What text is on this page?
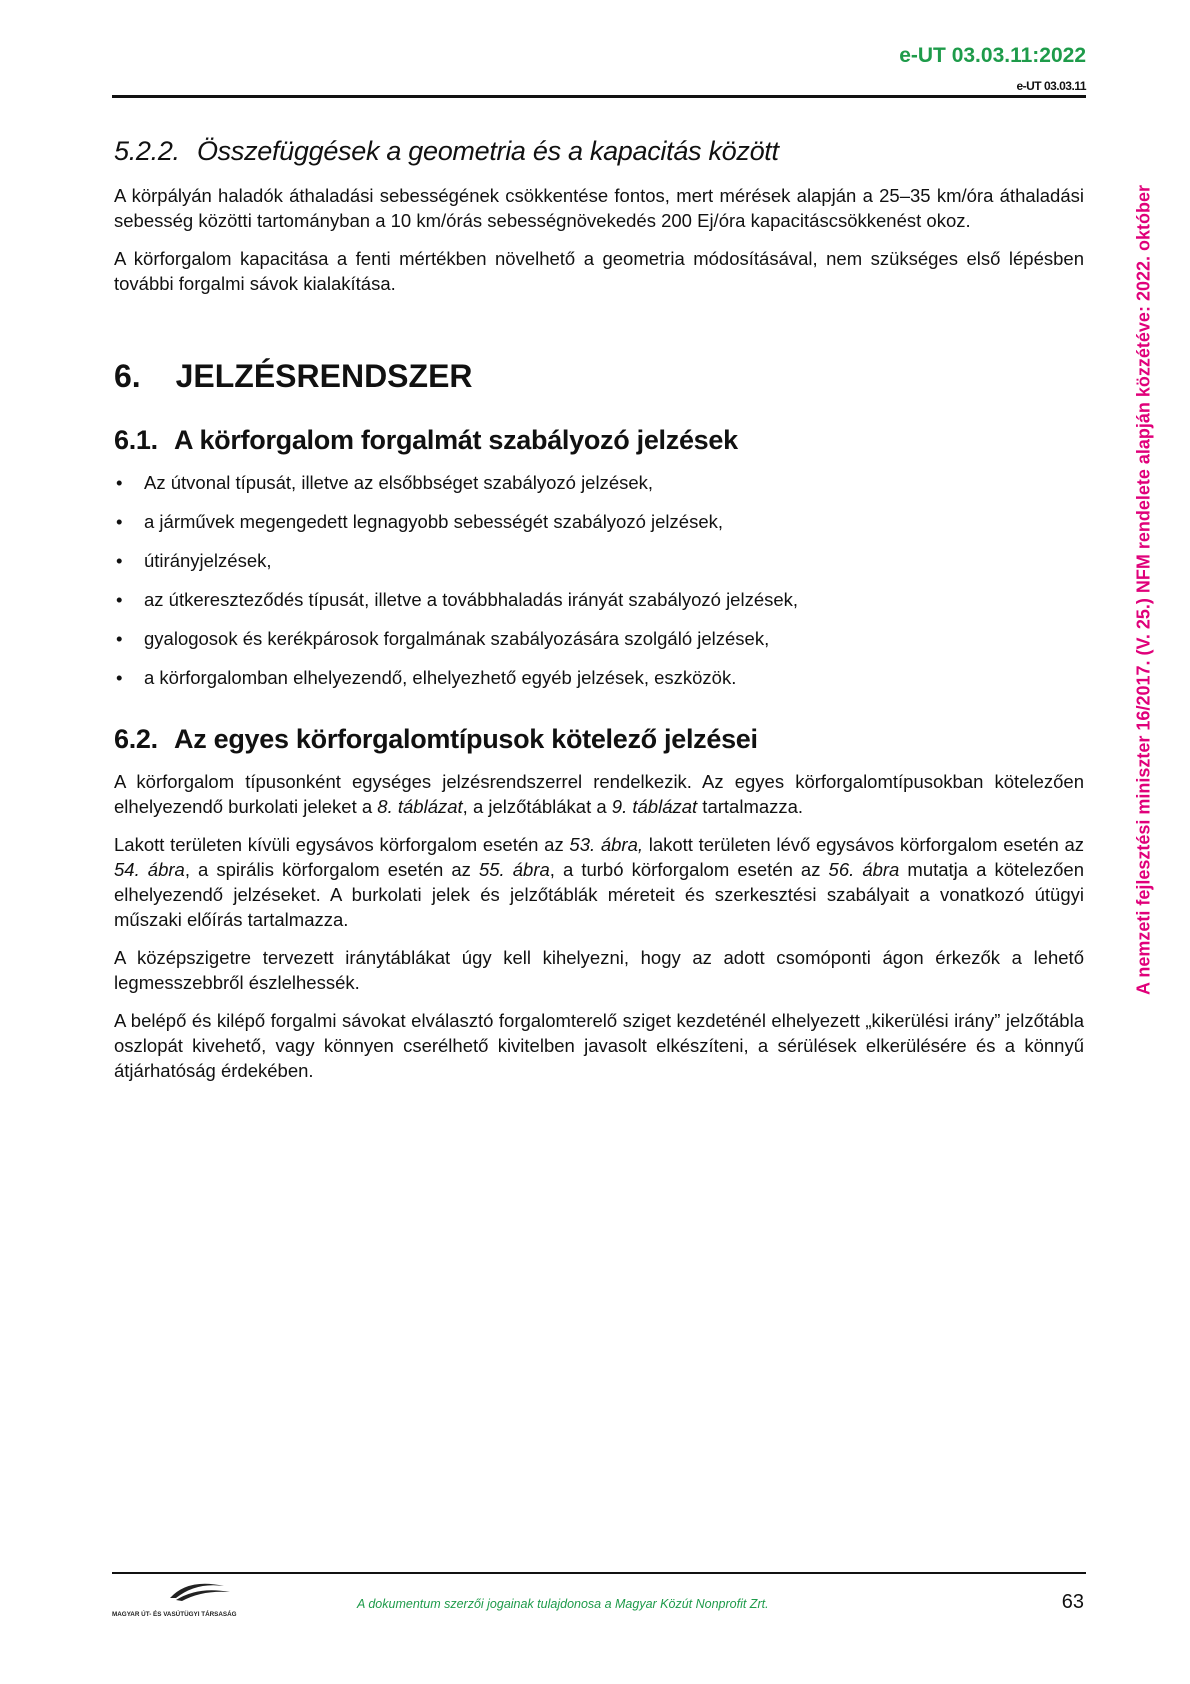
e-UT 03.03.11:2022
e-UT 03.03.11
A nemzeti fejlesztési miniszter 16/2017. (V. 25.) NFM rendelete alapján közzétéve: 2022. október
5.2.2. Összefüggések a geometria és a kapacitás között

A körpályán haladók áthaladási sebességének csökkentése fontos, mert mérések alapján a 25–35 km/óra áthaladási sebesség közötti tartományban a 10 km/órás sebességnövekedés 200 Ej/óra kapacitáscsökkenést okoz.

A körforgalom kapacitása a fenti mértékben növelhető a geometria módosításával, nem szükséges első lépésben további forgalmi sávok kialakítása.

6. JELZÉSRENDSZER
6.1. A körforgalom forgalmát szabályozó jelzések
• Az útvonal típusát, illetve az elsőbbséget szabályozó jelzések,
• a járművek megengedett legnagyobb sebességét szabályozó jelzések,
• útirányjelzések,
• az útkereszteződés típusát, illetve a továbbhaladás irányát szabályozó jelzések,
• gyalogosok és kerékpárosok forgalmának szabályozására szolgáló jelzések,
• a körforgalomban elhelyezendő, elhelyezhető egyéb jelzések, eszközök.
6.2. Az egyes körforgalomtípusok kötelező jelzései

A körforgalom típusonként egységes jelzésrendszerrel rendelkezik. Az egyes körforgalomtípusokban kötelezően elhelyezendő burkolati jeleket a 8. táblázat, a jelzőtáblákat a 9. táblázat tartalmazza.

Lakott területen kívüli egysávos körforgalom esetén az 53. ábra, lakott területen lévő egysávos körforgalom esetén az 54. ábra, a spirális körforgalom esetén az 55. ábra, a turbó körforgalom esetén az 56. ábra mutatja a kötelezően elhelyezendő jelzéseket. A burkolati jelek és jelzőtáblák méreteit és szerkesztési szabályait a vonatkozó útügyi műszaki előírás tartalmazza.

A középszigetre tervezett iránytáblákat úgy kell kihelyezni, hogy az adott csomóponti ágon érkezők a lehető legmesszebbről észlelhessék.

A belépő és kilépő forgalmi sávokat elválasztó forgalomterelő sziget kezdeténél elhelyezett „kikerülési irány” jelzőtábla oszlopát kivehető, vagy könnyen cserélhető kivitelben javasolt elkészíteni, a sérülések elkerülésére és a könnyű átjárhatóság érdekében.

MAGYAR ÚT- ÉS VASÚTÜGYI TÁRSASÁG
A dokumentum szerzői jogainak tulajdonosa a Magyar Közút Nonprofit Zrt.	63
